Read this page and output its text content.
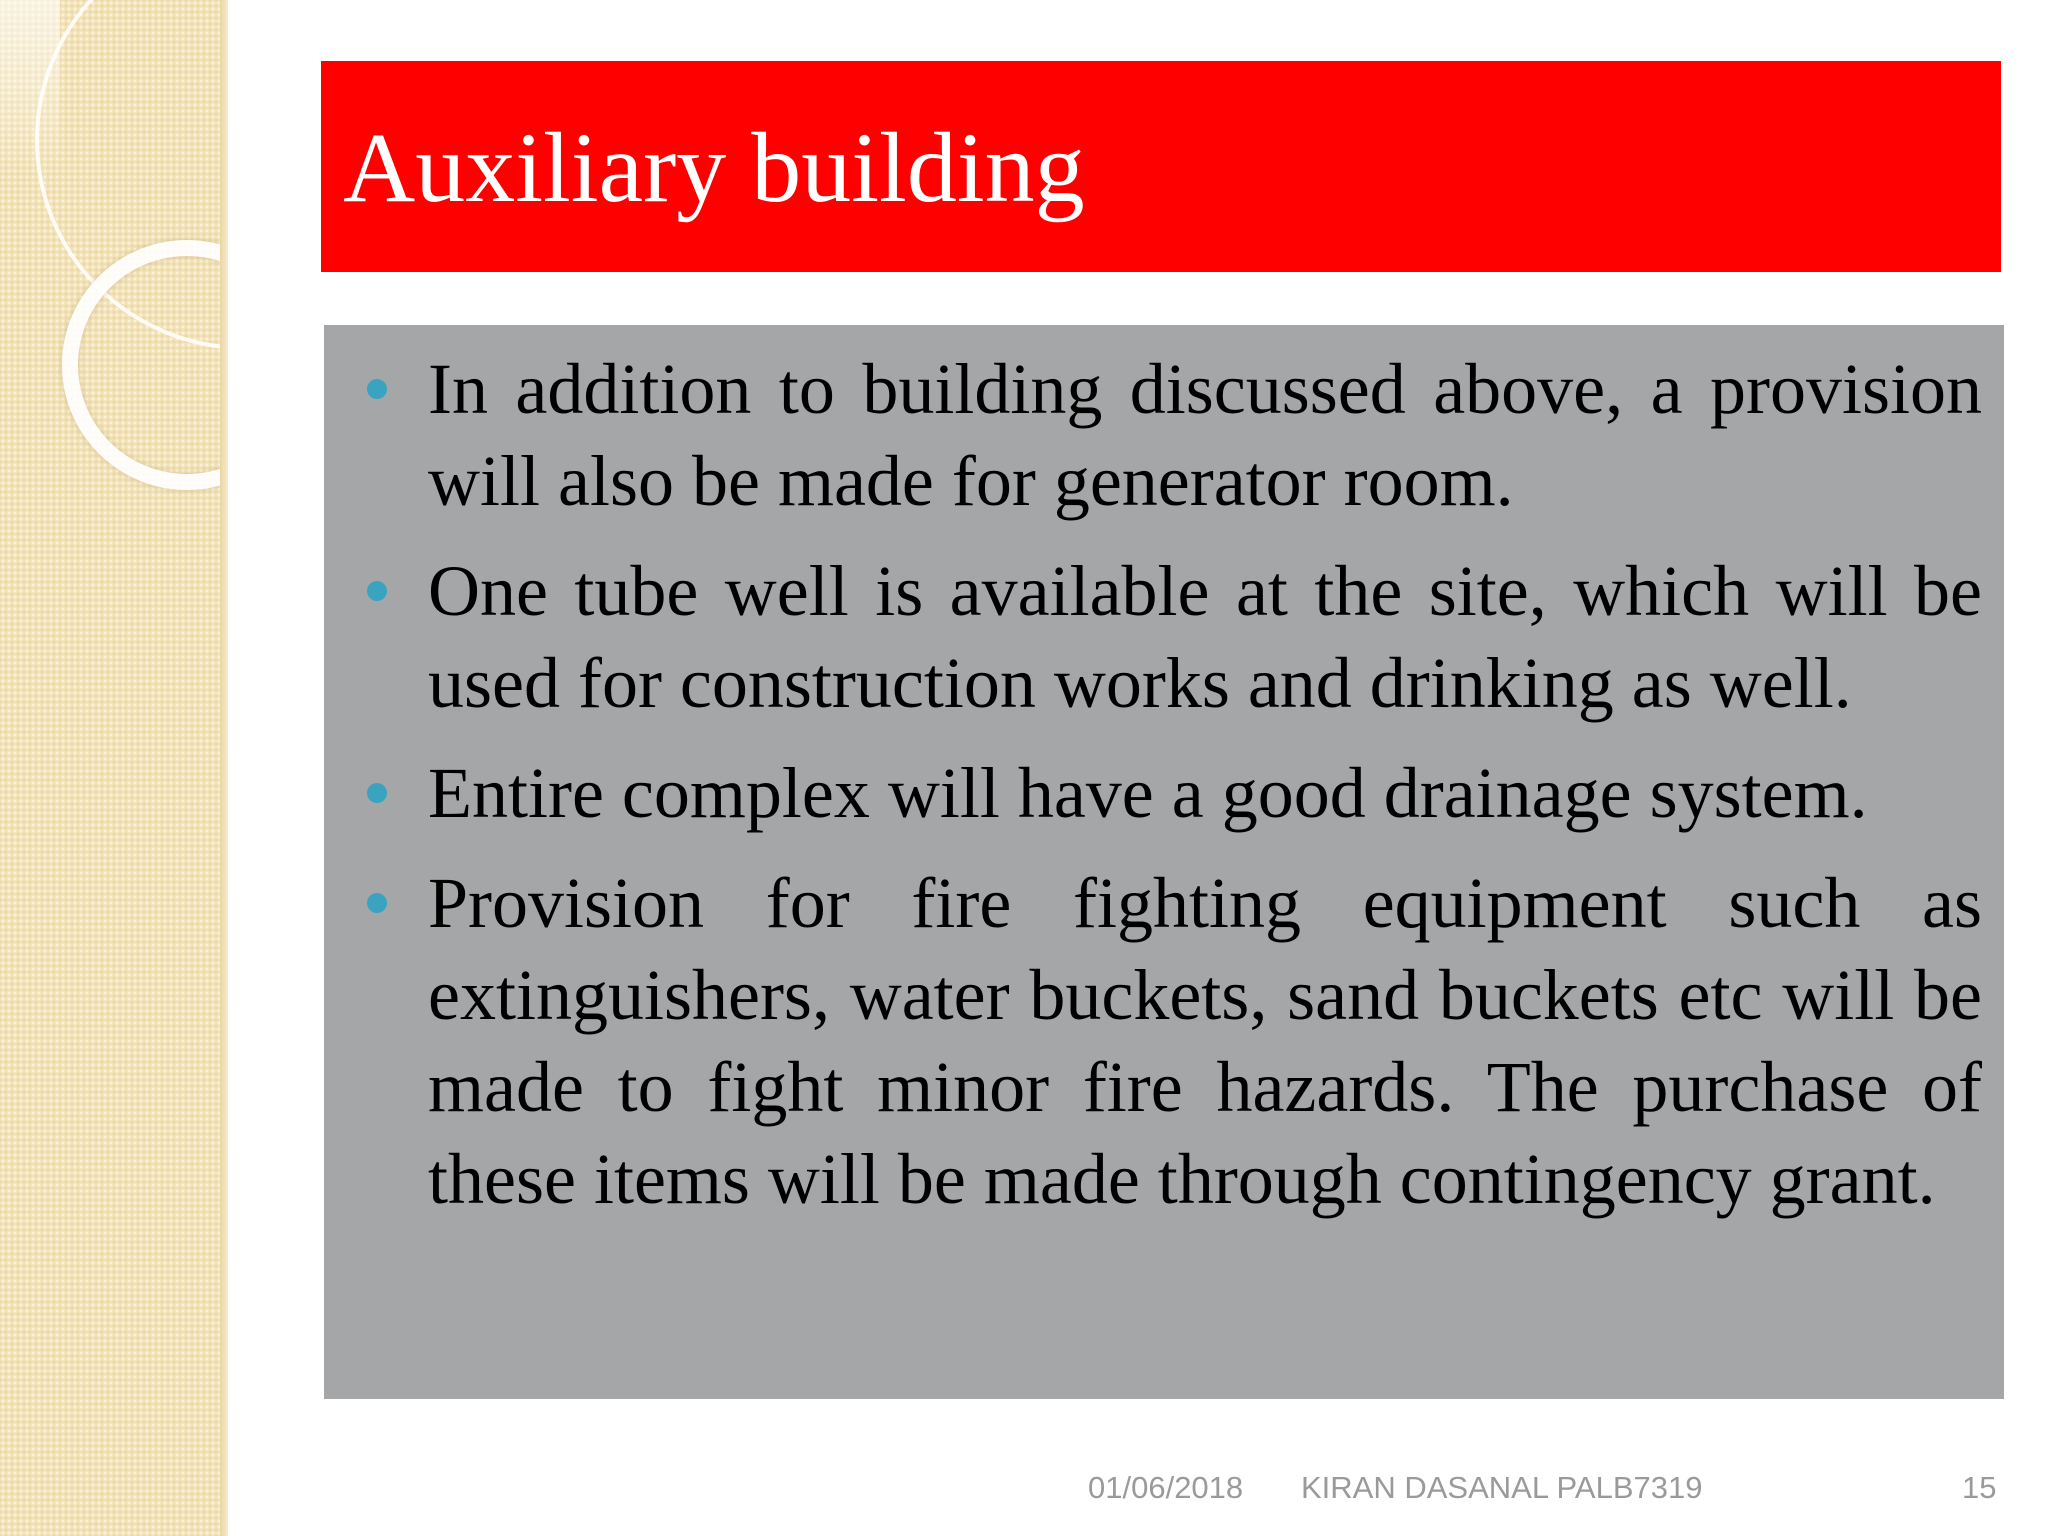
Auxiliary building
In addition to building discussed above, a provision will also be made for generator room.
One tube well is available at the site, which will be used for construction works and drinking as well.
Entire complex will have a good drainage system.
Provision for fire fighting equipment such as extinguishers, water buckets, sand buckets etc will be made to fight minor fire hazards. The purchase of these items will be made through contingency grant.
01/06/2018 KIRAN DASANAL PALB7319	15
